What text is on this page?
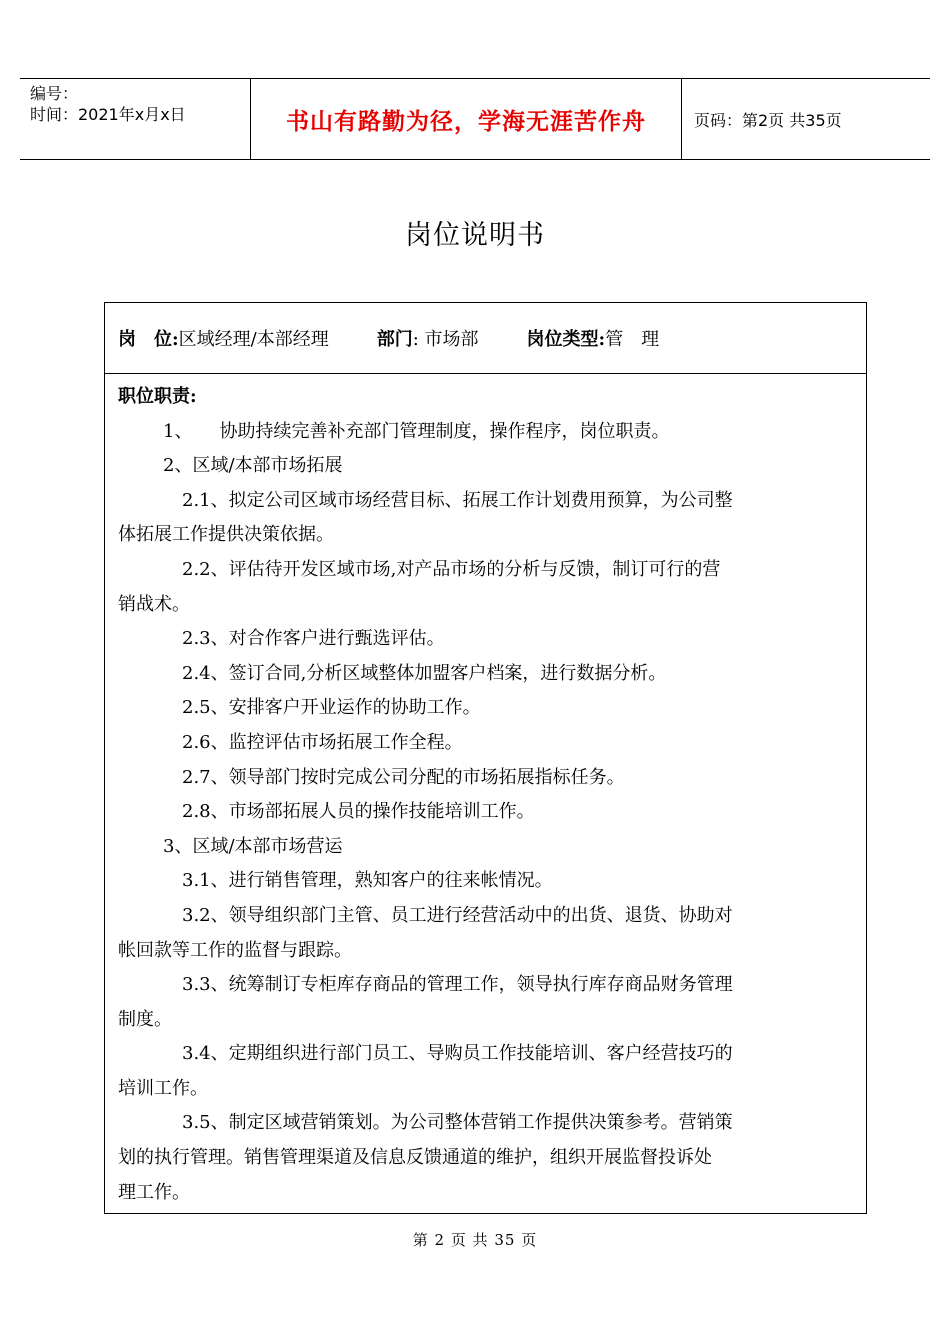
编号：
时间：2021年x月x日	书山有路勤为径，学海无涯苦作舟	页码：第2页 共35页
岗位说明书
岗　位: 区域经理/本部经理	部门 : 市场部	岗位类型: 管　理
职位职责:
1、　　协助持续完善补充部门管理制度，操作程序，岗位职责。
2、区域/本部市场拓展
2.1、拟定公司区域市场经营目标、拓展工作计划费用预算，为公司整
体拓展工作提供决策依据。
2.2、评估待开发区域市场,对产品市场的分析与反馈，制订可行的营
销战术。
2.3、对合作客户进行甄选评估。
2.4、签订合同,分析区域整体加盟客户档案，进行数据分析。
2.5、安排客户开业运作的协助工作。
2.6、监控评估市场拓展工作全程。
2.7、领导部门按时完成公司分配的市场拓展指标任务。
2.8、市场部拓展人员的操作技能培训工作。
3、区域/本部市场营运
3.1、进行销售管理，熟知客户的往来帐情况。
3.2、领导组织部门主管、员工进行经营活动中的出货、退货、协助对
帐回款等工作的监督与跟踪。
3.3、统筹制订专柜库存商品的管理工作，领导执行库存商品财务管理
制度。
3.4、定期组织进行部门员工、导购员工作技能培训、客户经营技巧的
培训工作。
3.5、制定区域营销策划。为公司整体营销工作提供决策参考。营销策
划的执行管理。销售管理渠道及信息反馈通道的维护，组织开展监督投诉处
理工作。
第 2 页 共 35 页
